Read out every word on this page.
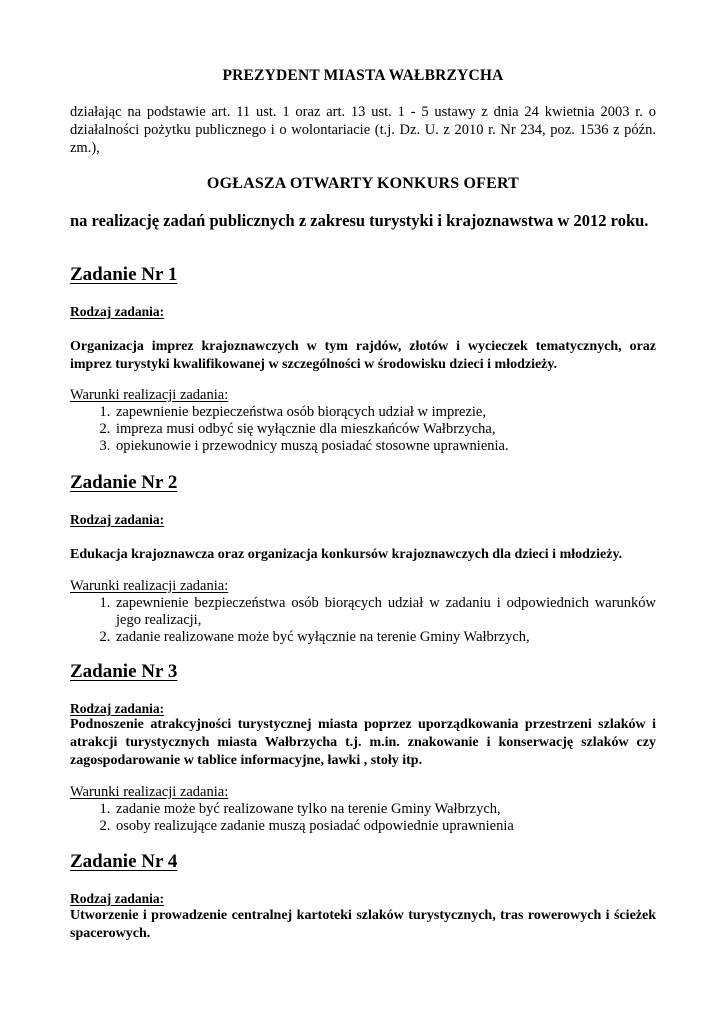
PREZYDENT MIASTA WAŁBRZYCHA

działając na podstawie art. 11 ust. 1 oraz art. 13 ust. 1 - 5 ustawy z dnia 24 kwietnia 2003 r. o działalności pożytku publicznego i o wolontariacie (t.j. Dz. U. z 2010 r. Nr 234, poz. 1536 z późn. zm.),

OGŁASZA OTWARTY KONKURS OFERT

na realizację zadań publicznych z zakresu turystyki i krajoznawstwa w 2012 roku.

Zadanie Nr 1

Rodzaj zadania:

Organizacja imprez krajoznawczych w tym rajdów, złotów i wycieczek tematycznych, oraz imprez turystyki kwalifikowanej w szczególności w środowisku dzieci i młodzieży.

Warunki realizacji zadania:

1. zapewnienie bezpieczeństwa osób biorących udział w imprezie,
2. impreza musi odbyć się wyłącznie dla mieszkańców Wałbrzycha,
3. opiekunowie i przewodnicy muszą posiadać stosowne uprawnienia.

Zadanie Nr 2

Rodzaj zadania:

Edukacja krajoznawcza oraz organizacja konkursów krajoznawczych dla dzieci i młodzieży.

Warunki realizacji zadania:

1. zapewnienie bezpieczeństwa osób biorących udział w zadaniu i odpowiednich warunków jego realizacji,
2. zadanie realizowane może być wyłącznie na terenie Gminy Wałbrzych,

Zadanie Nr 3

Rodzaj zadania:

Podnoszenie atrakcyjności turystycznej miasta poprzez uporządkowania przestrzeni szlaków i atrakcji turystycznych miasta Wałbrzycha t.j. m.in. znakowanie i konserwację szlaków czy zagospodarowanie w tablice informacyjne, ławki , stoły itp.

Warunki realizacji zadania:

1. zadanie może być realizowane tylko na terenie Gminy Wałbrzych,
2. osoby realizujące zadanie muszą posiadać odpowiednie uprawnienia

Zadanie Nr 4

Rodzaj zadania:

Utworzenie i prowadzenie centralnej kartoteki szlaków turystycznych, tras rowerowych i ścieżek spacerowych.
